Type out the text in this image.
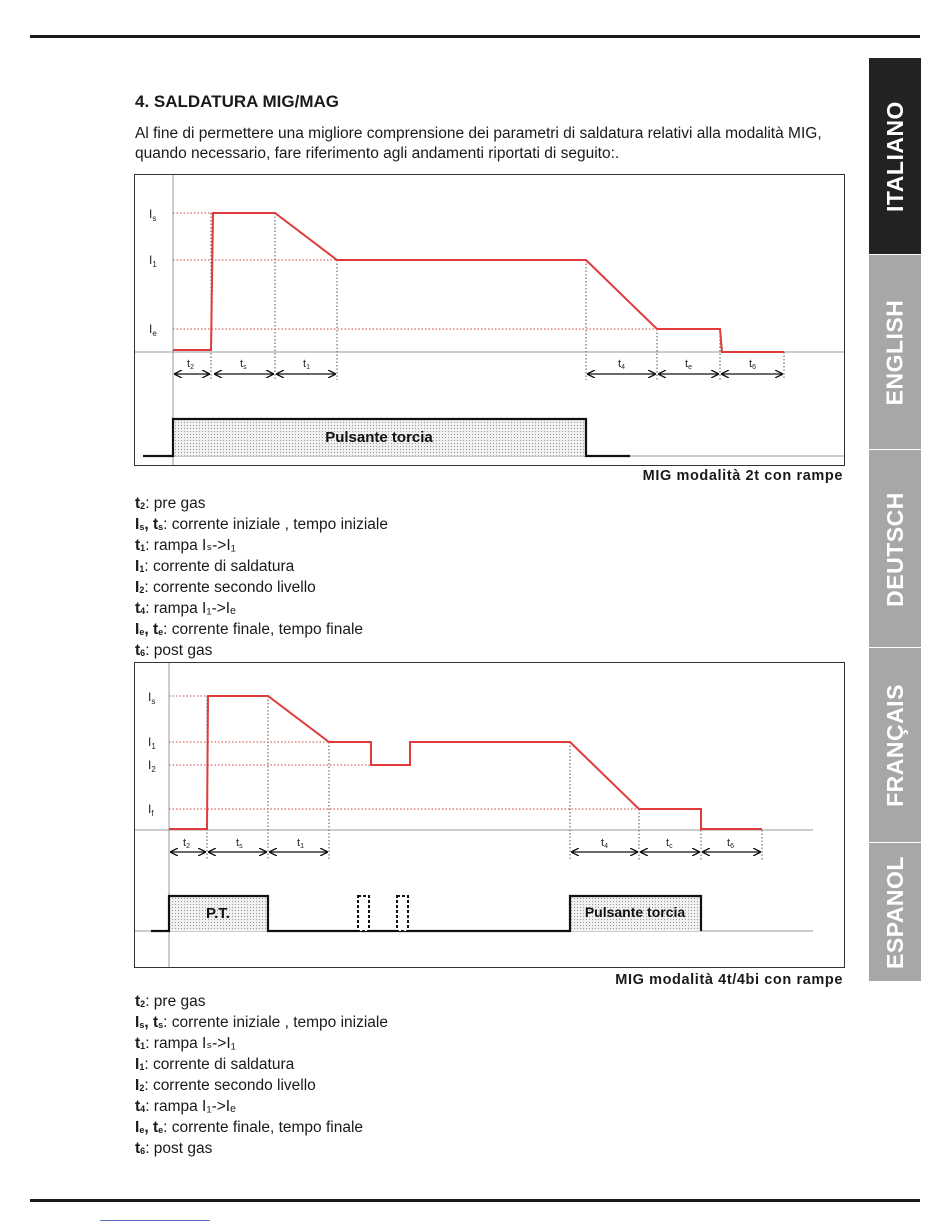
ITALIANO
ENGLISH
DEUTSCH
FRANÇAIS
ESPANOL
4. SALDATURA MIG/MAG

Al fine di permettere una migliore comprensione dei parametri di saldatura relativi alla modalità MIG, quando necessario, fare riferimento agli andamenti riportati di seguito:.

$I_s$
$I_1$
$I_e$
t2	ts	t1	t4	te	t6
Pulsante torcia
MIG modalità 2t con rampe
$t_2$: pre gas
$I_s$, $t_s$: corrente iniziale , tempo iniziale
$t_1$: rampa Iₛ->I₁
$I_1$: corrente di saldatura
$I_2$: corrente secondo livello
$t_4$: rampa I₁->Iₑ
$I_e$, $t_e$: corrente finale, tempo finale
$t_6$: post gas
$I_s$
$I_1$
$I_2$
$I_f$
t2	ts	t1	t4	tc	t6
P.T.	Pulsante torcia
MIG modalità 4t/4bi con rampe
$t_2$: pre gas
$I_s$, $t_s$: corrente iniziale , tempo iniziale
$t_1$: rampa Iₛ->I₁
$I_1$: corrente di saldatura
$I_2$: corrente secondo livello
$t_4$: rampa I₁->Iₑ
$I_e$, $t_e$: corrente finale, tempo finale
$t_6$: post gas
